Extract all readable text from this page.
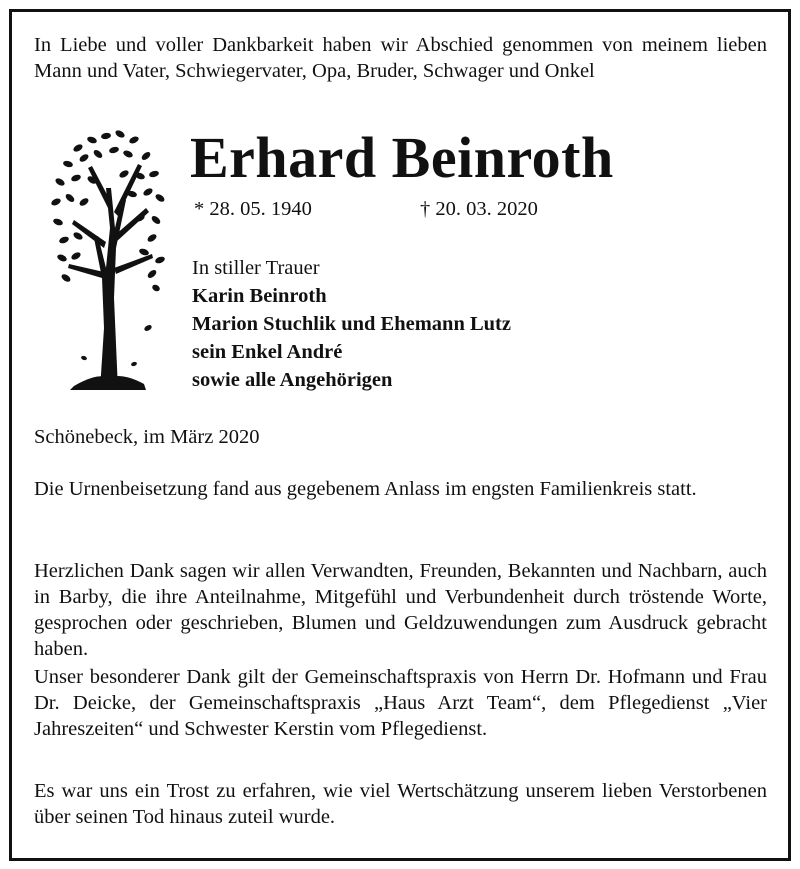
In Liebe und voller Dankbarkeit haben wir Abschied genommen von meinem lieben Mann und Vater, Schwiegervater, Opa, Bruder, Schwager und Onkel

Erhard Beinroth
* 28. 05. 1940	† 20. 03. 2020
In stiller Trauer
Karin Beinroth
Marion Stuchlik und Ehemann Lutz
sein Enkel André
sowie alle Angehörigen

Schönebeck, im März 2020

Die Urnenbeisetzung fand aus gegebenem Anlass im engsten Familienkreis statt.

Herzlichen Dank sagen wir allen Verwandten, Freunden, Bekannten und Nachbarn, auch in Barby, die ihre Anteilnahme, Mitgefühl und Verbundenheit durch tröstende Worte, gesprochen oder geschrieben, Blumen und Geldzuwendungen zum Ausdruck gebracht haben.

Unser besonderer Dank gilt der Gemeinschaftspraxis von Herrn Dr. Hofmann und Frau Dr. Deicke, der Gemeinschaftspraxis „Haus Arzt Team“, dem Pflegedienst „Vier Jahreszeiten“ und Schwester Kerstin vom Pflegedienst.

Es war uns ein Trost zu erfahren, wie viel Wertschätzung unserem lieben Verstorbenen über seinen Tod hinaus zuteil wurde.
